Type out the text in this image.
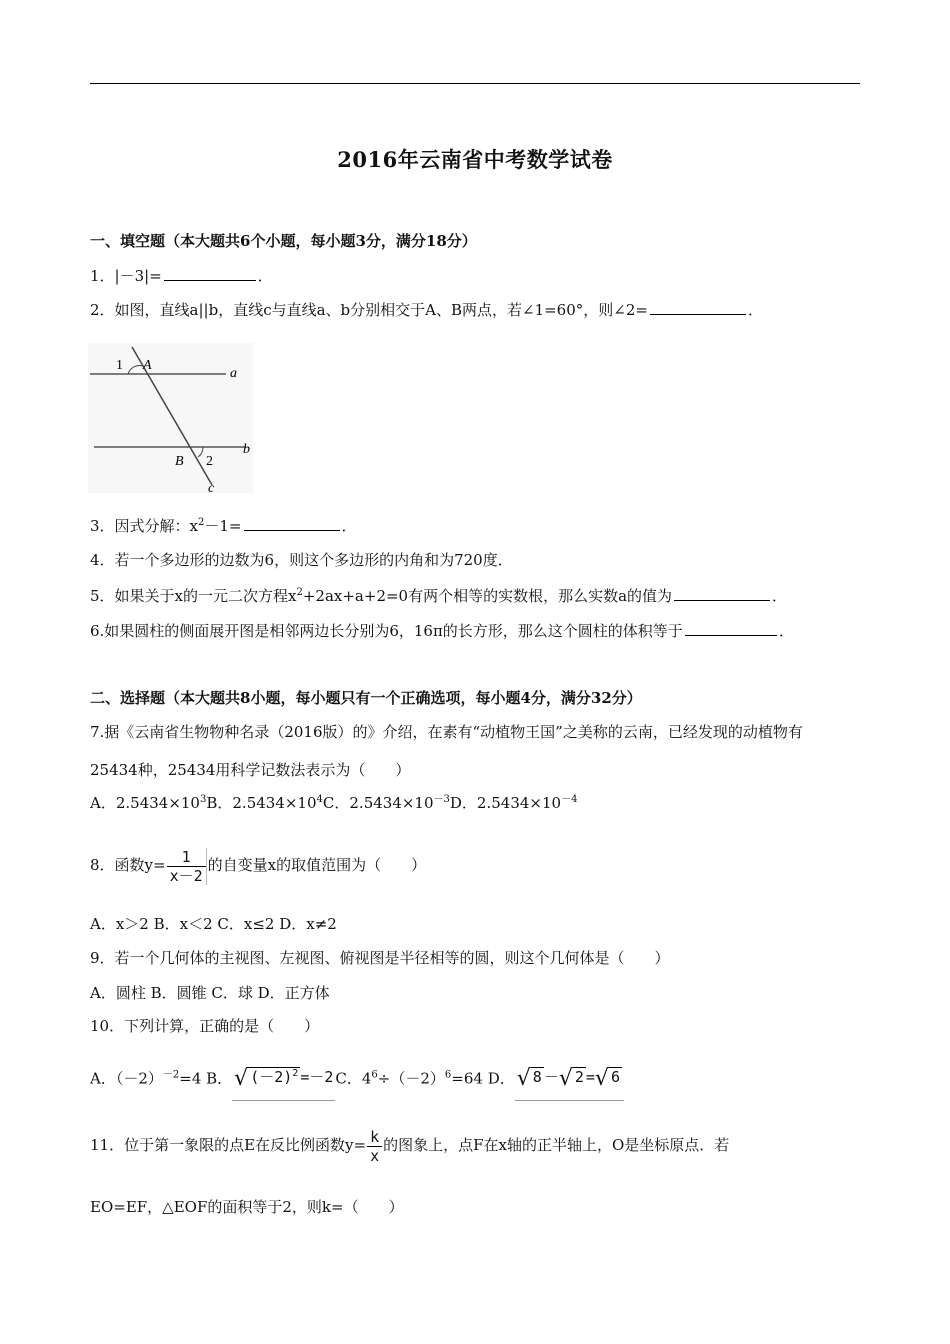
2016年云南省中考数学试卷
一、填空题（本大题共6个小题，每小题3分，满分18分）
1．|－3|=	．
2．如图，直线a||b，直线c与直线a、b分别相交于A、B两点，若∠1=60°，则∠2=	．
1 A
a
B 2
b
c
3．因式分解：$x^2-1=$	．
4．若一个多边形的边数为6，则这个多边形的内角和为720度．
5．如果关于x的一元二次方程$x^2+2ax+a+2=0$有两个相等的实数根，那么实数a的值为	．
6.如果圆柱的侧面展开图是相邻两边长分别为6，16π的长方形，那么这个圆柱的体积等于	．
二、选择题（本大题共8小题，每小题只有一个正确选项，每小题4分，满分32分）
7.据《云南省生物物种名录（2016版）的》介绍，在素有“动植物王国”之美称的云南，已经发现的动植物有
25434种，25434用科学记数法表示为（　　）
A．$2.5434\times 10^3B$．$2.5434\times 10^4C$．$2.5434\times 10^{-3}D$．$2.5434\times 10^{-4}$
8．函数$y= \frac{1}{x-2}$ 的自变量x的取值范围为（　　）
A．x＞2 B．x＜2 C．x≤2 D．x≠2
9．若一个几何体的主视图、左视图、俯视图是半径相等的圆，则这个几何体是（　　）
A．圆柱 B．圆锥 C．球 D．正方体
10．下列计算，正确的是（　　）
A．$(-2)^{-2}=4$ B．√ $(-2)^2 =-2$ C．$4^6\div(-2)^6=64$ D．√ 8 －√ 2 =√ 6
11．位于第一象限的点E在反比例函数$y= \frac{k}{x}$ 的图象上，点F在x轴的正半轴上，O是坐标原点．若
EO=EF，△EOF的面积等于2，则k=（　　）
